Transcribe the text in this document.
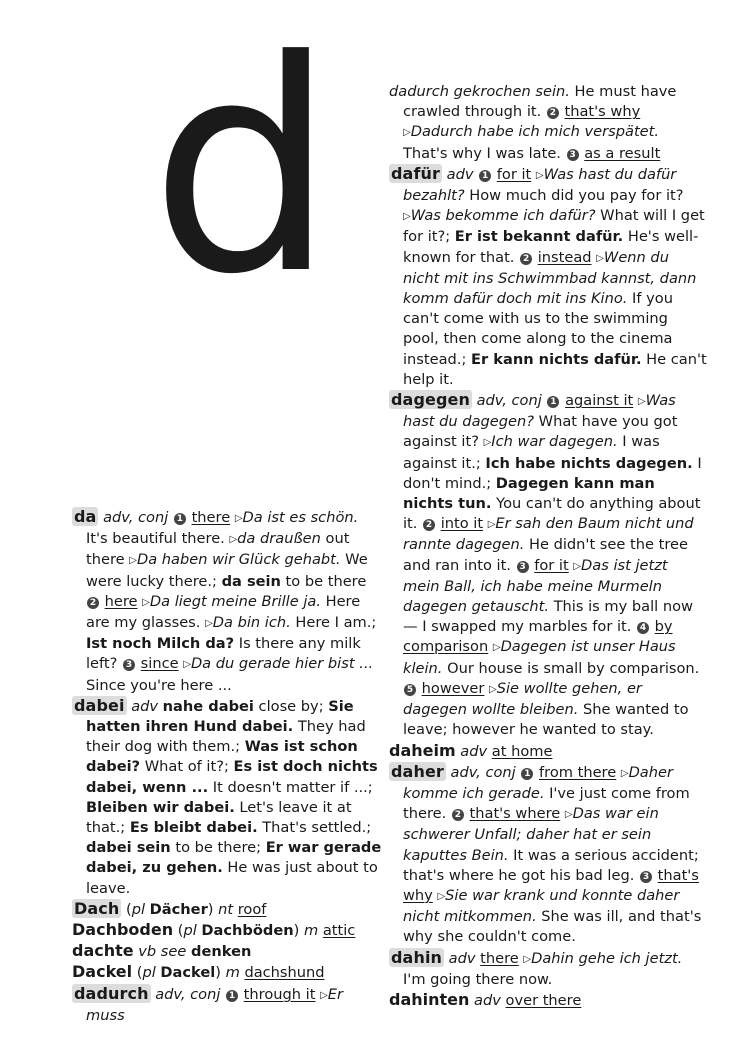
d

da adv, conj 1 there ▷Da ist es schön. It's beautiful there. ▷da draußen out there ▷Da haben wir Glück gehabt. We were lucky there.; da sein to be there 2 here ▷Da liegt meine Brille ja. Here are my glasses. ▷Da bin ich. Here I am.; Ist noch Milch da? Is there any milk left? 3 since ▷Da du gerade hier bist ... Since you're here ...

dabei adv nahe dabei close by; Sie hatten ihren Hund dabei. They had their dog with them.; Was ist schon dabei? What of it?; Es ist doch nichts dabei, wenn ... It doesn't matter if ...; Bleiben wir dabei. Let's leave it at that.; Es bleibt dabei. That's settled.; dabei sein to be there; Er war gerade dabei, zu gehen. He was just about to leave.

Dach (pl Dächer) nt roof

Dachboden (pl Dachböden) m attic

dachte vb see denken

Dackel (pl Dackel) m dachshund

dadurch adv, conj 1 through it ▷Er muss

dadurch gekrochen sein. He must have crawled through it. 2 that's why ▷Dadurch habe ich mich verspätet. That's why I was late. 3 as a result

dafür adv 1 for it ▷Was hast du dafür bezahlt? How much did you pay for it? ▷Was bekomme ich dafür? What will I get for it?; Er ist bekannt dafür. He's well-known for that. 2 instead ▷Wenn du nicht mit ins Schwimmbad kannst, dann komm dafür doch mit ins Kino. If you can't come with us to the swimming pool, then come along to the cinema instead.; Er kann nichts dafür. He can't help it.

dagegen adv, conj 1 against it ▷Was hast du dagegen? What have you got against it? ▷Ich war dagegen. I was against it.; Ich habe nichts dagegen. I don't mind.; Dagegen kann man nichts tun. You can't do anything about it. 2 into it ▷Er sah den Baum nicht und rannte dagegen. He didn't see the tree and ran into it. 3 for it ▷Das ist jetzt mein Ball, ich habe meine Murmeln dagegen getauscht. This is my ball now — I swapped my marbles for it. 4 by comparison ▷Dagegen ist unser Haus klein. Our house is small by comparison. 5 however ▷Sie wollte gehen, er dagegen wollte bleiben. She wanted to leave; however he wanted to stay.

daheim adv at home

daher adv, conj 1 from there ▷Daher komme ich gerade. I've just come from there. 2 that's where ▷Das war ein schwerer Unfall; daher hat er sein kaputtes Bein. It was a serious accident; that's where he got his bad leg. 3 that's why ▷Sie war krank und konnte daher nicht mitkommen. She was ill, and that's why she couldn't come.

dahin adv there ▷Dahin gehe ich jetzt. I'm going there now.

dahinten adv over there
